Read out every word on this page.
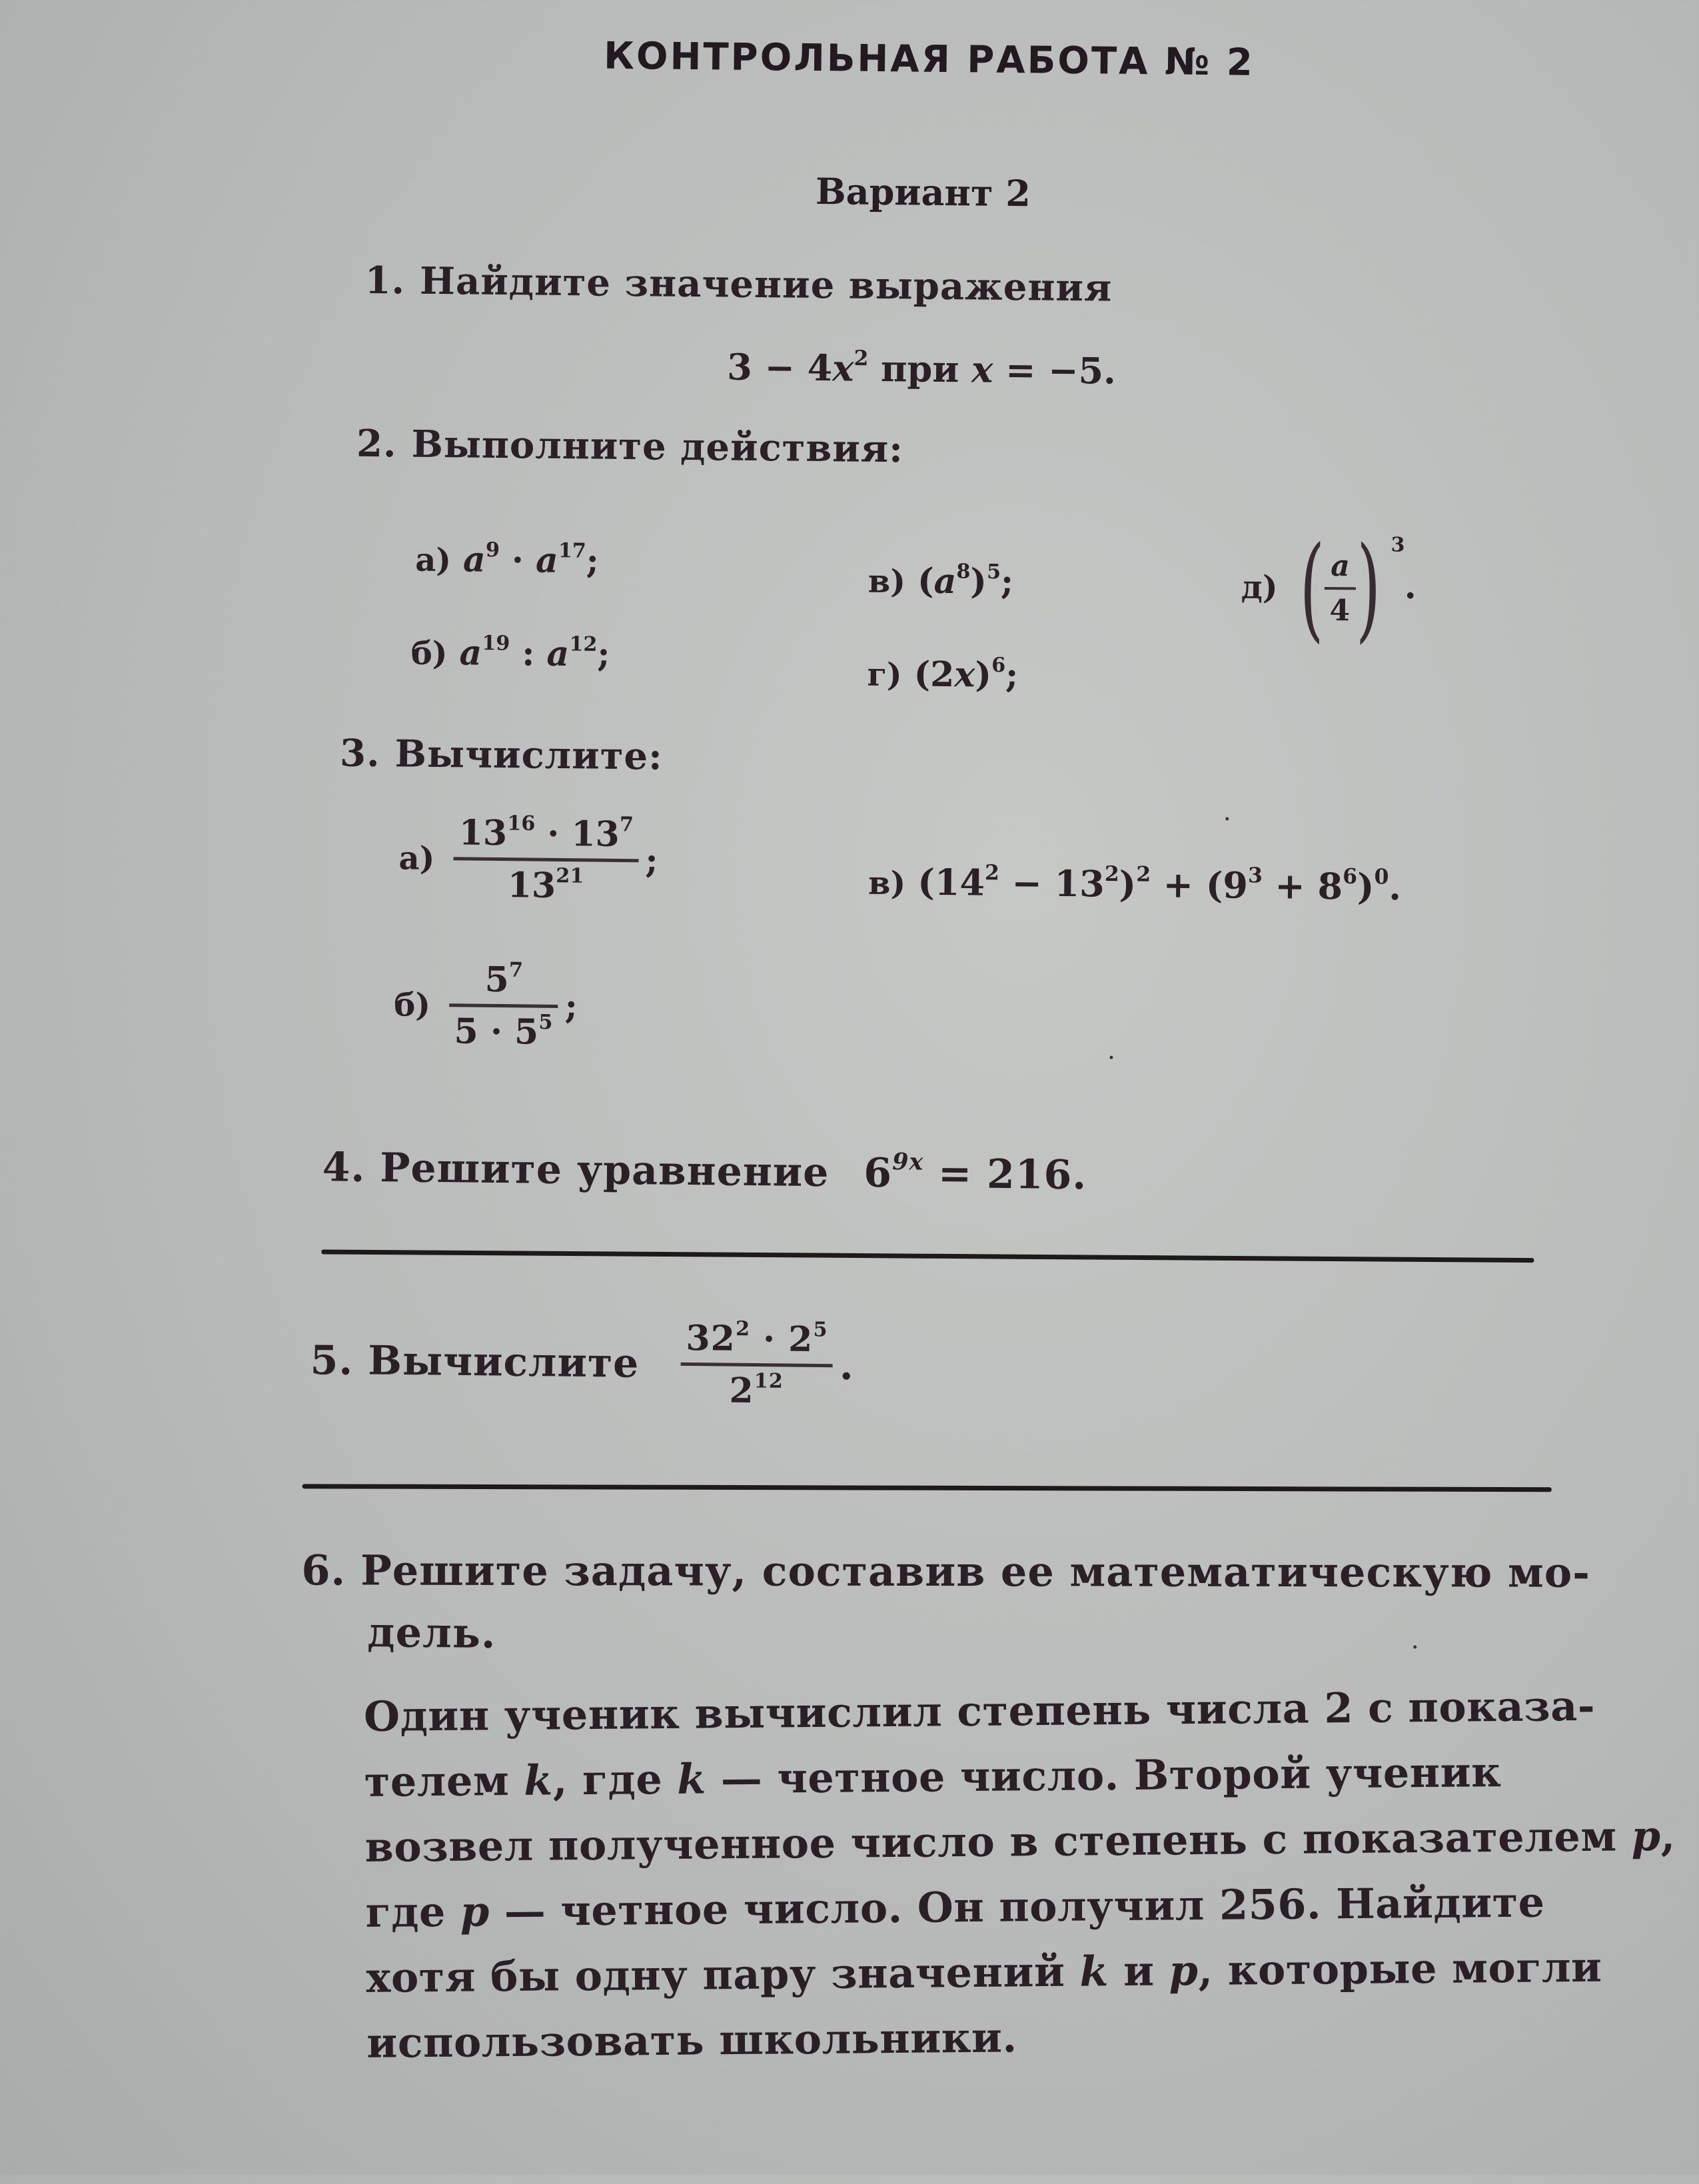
КОНТРОЛЬНАЯ РАБОТА № 2
Вариант 2
1. Найдите значение выражения
$3 - 4x^2$ при x = −5.
2. Выполните действия:
а) $a^9 \cdot a^{17}$;
б) $a^{19}$ : $a^{12}$;
в) $(a^8)^5$;
г) $(2x)^6$;
д) ( a
4 ) $^3$.
3. Вычислите:
а)
$13^{16} \cdot 13^7$
$13^{21}$	;
б)
$5^7$
$5 \cdot 5^5$ ;
в) $(14^2 - 13^2)^2 + (9^3 + 8^6)^0$.
4. Решите уравнение $6^{9x} = 216$.
5. Вычислите $32^2 \cdot 2^5$
$2^{12}$	.
6. Решите задачу, составив ее математическую мо-
дель.
Один ученик вычислил степень числа 2 с показа-
телем k, где k — четное число. Второй ученик
возвел полученное число в степень с показателем p,
где p — четное число. Он получил 256. Найдите
хотя бы одну пару значений k и p, которые могли
использовать школьники.
